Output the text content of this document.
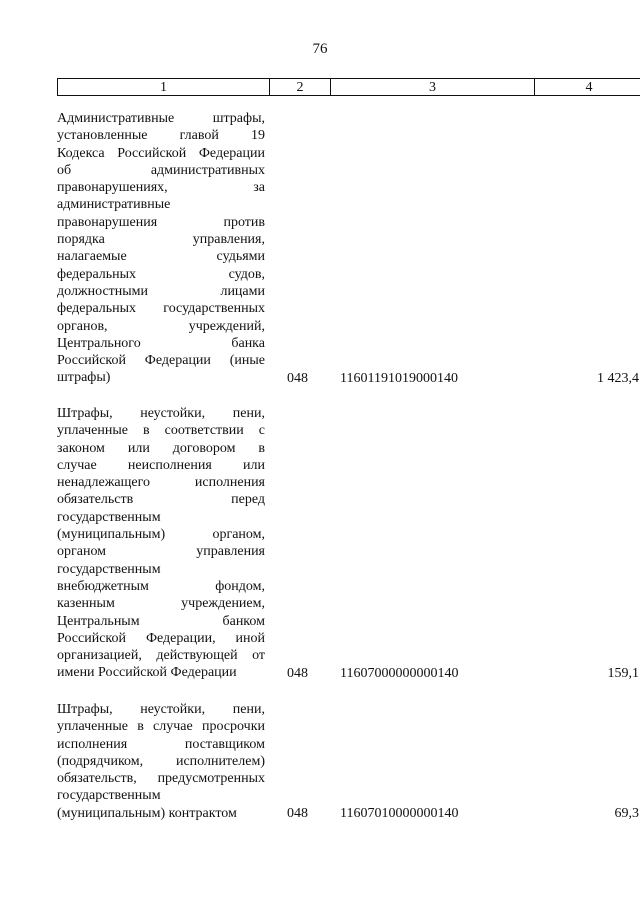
76
1	2	3	4
Административные штрафы,
установленные главой 19
Кодекса Российской Федерации
об административных
правонарушениях, за
административные
правонарушения против
порядка управления,
налагаемые судьями
федеральных судов,
должностными лицами
федеральных государственных
органов, учреждений,
Центрального банка
Российской Федерации (иные
штрафы)	048 11601191019000140	1 423,4
Штрафы, неустойки, пени,
уплаченные в соответствии с
законом или договором в
случае неисполнения или
ненадлежащего исполнения
обязательств перед
государственным
(муниципальным) органом,
органом управления
государственным
внебюджетным фондом,
казенным учреждением,
Центральным банком
Российской Федерации, иной
организацией, действующей от
имени Российской Федерации	048 11607000000000140	159,1
Штрафы, неустойки, пени,
уплаченные в случае просрочки
исполнения поставщиком
(подрядчиком, исполнителем)
обязательств, предусмотренных
государственным
(муниципальным) контрактом	048 11607010000000140	69,3
